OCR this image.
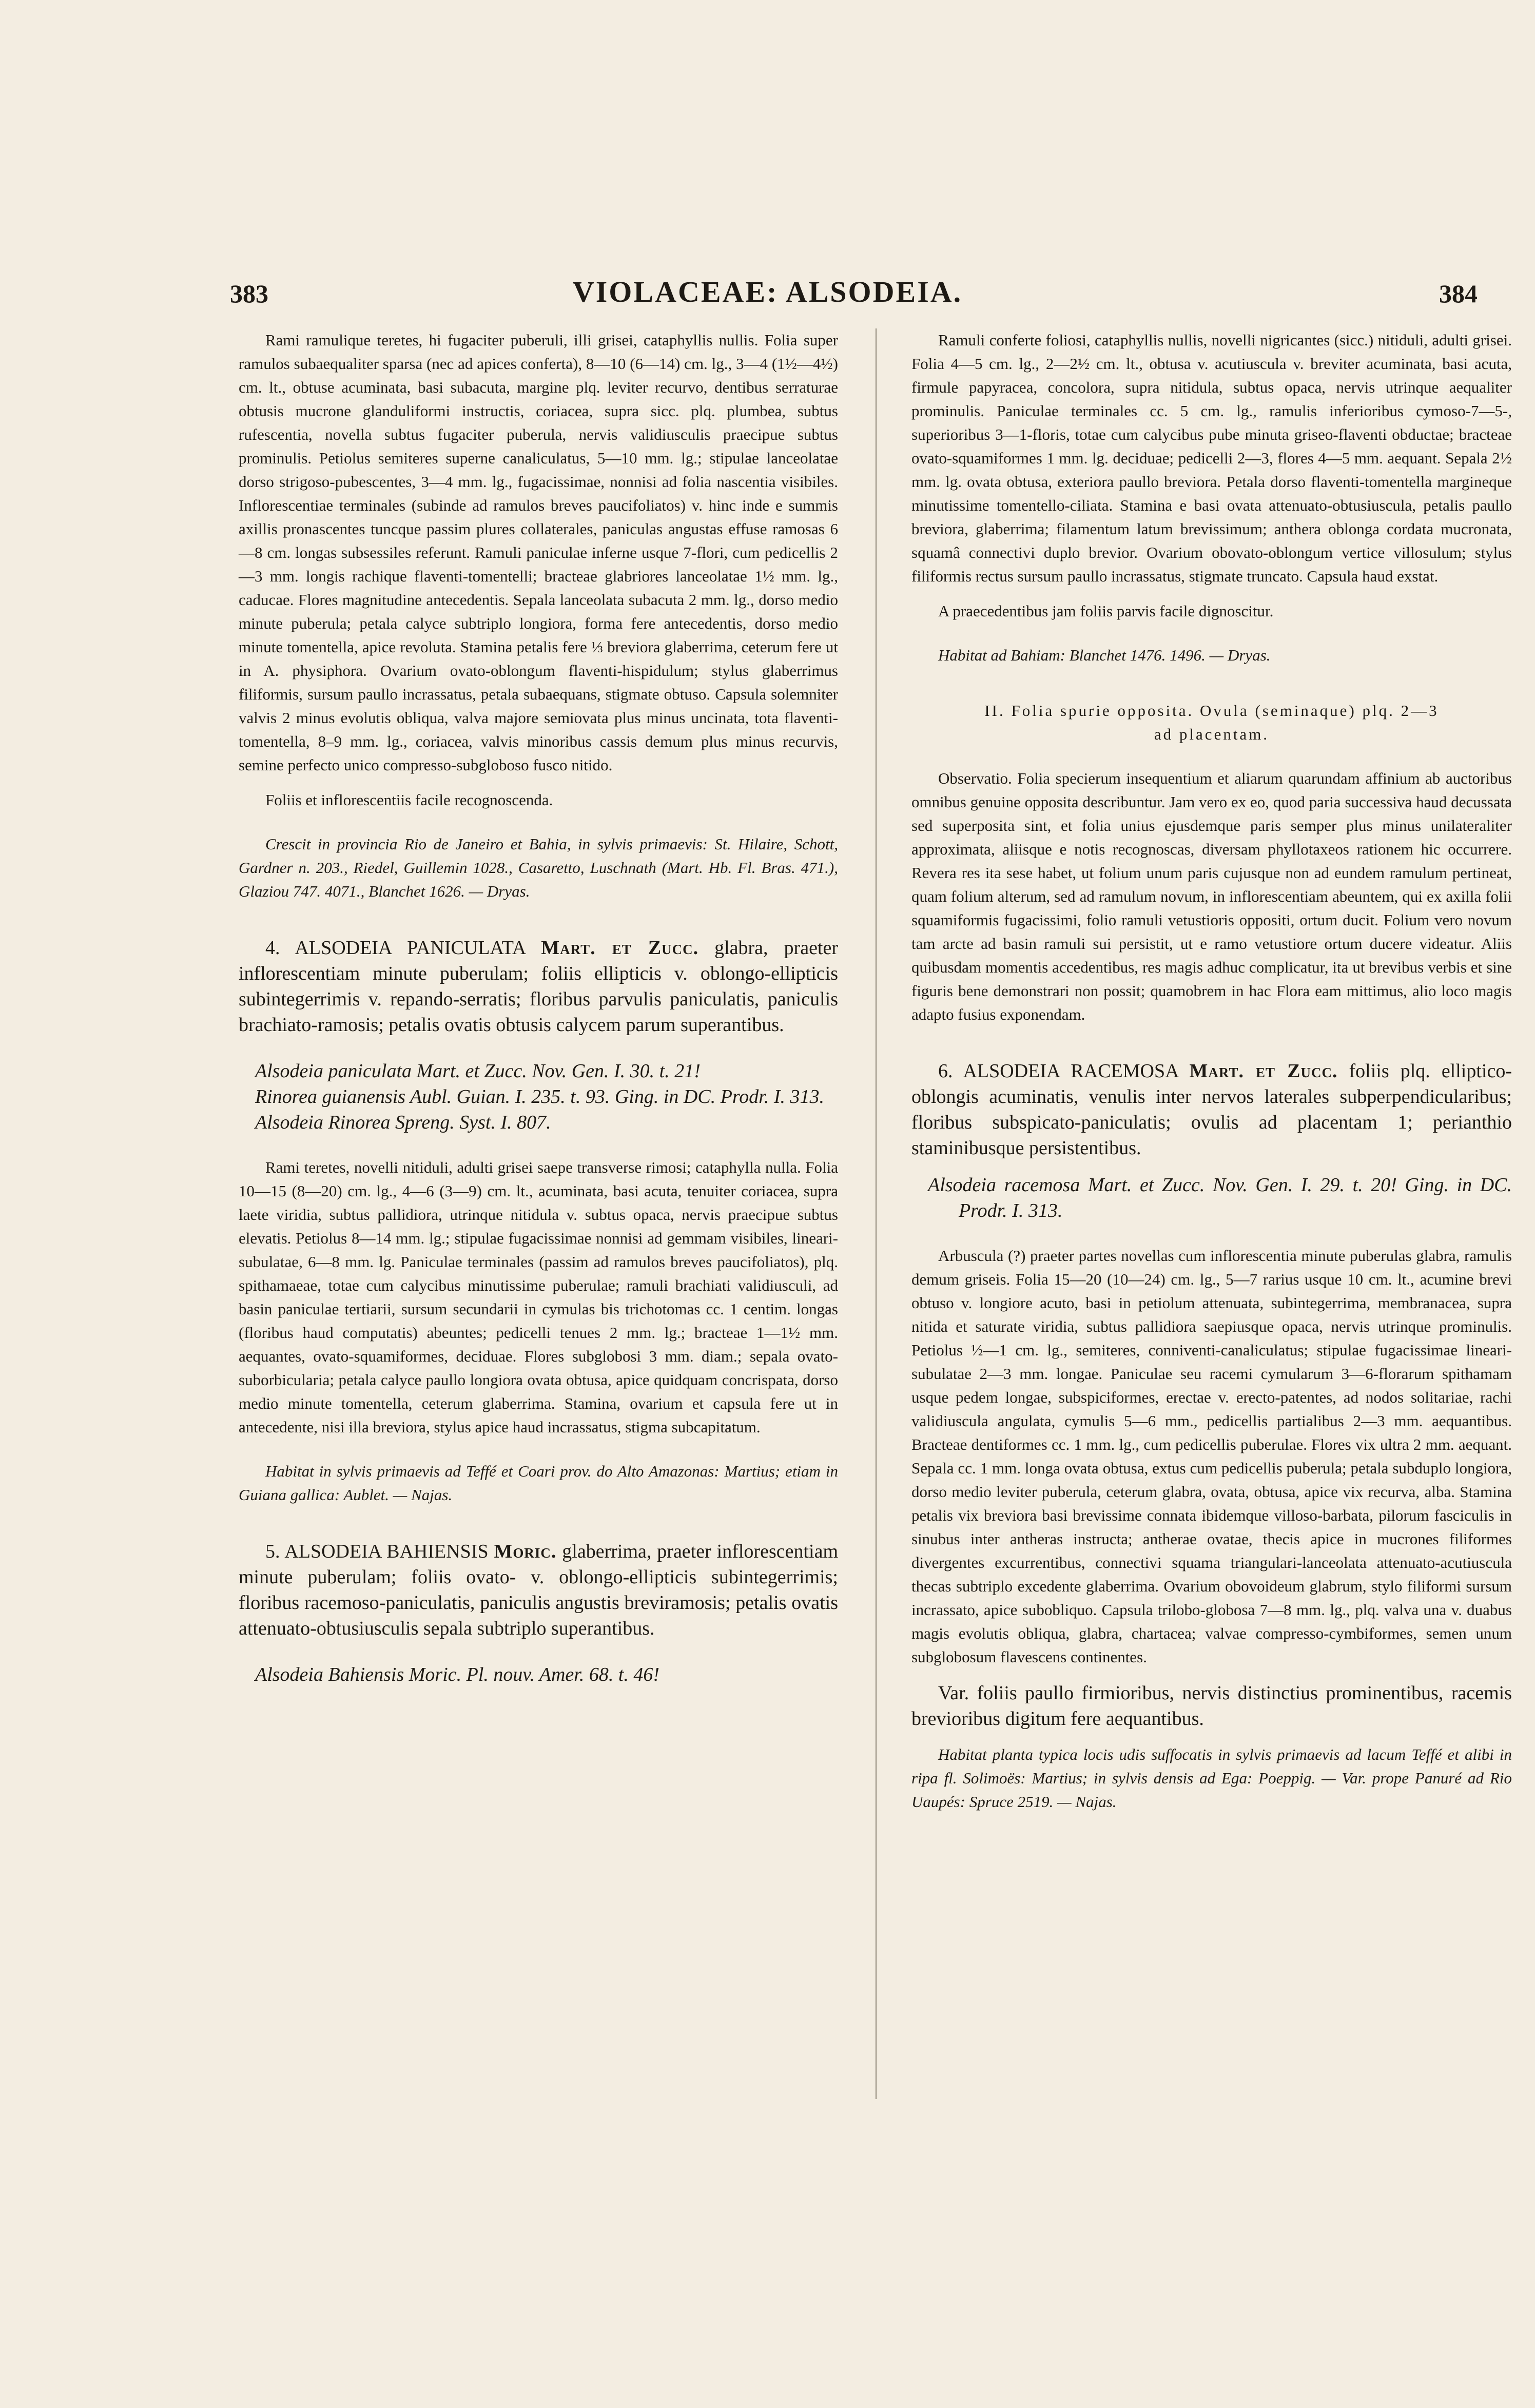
383	VIOLACEAE: ALSODEIA.	384

Rami ramulique teretes, hi fugaciter puberuli, illi grisei, cataphyllis nullis. Folia super ramulos subaequaliter sparsa (nec ad apices conferta), 8—10 (6—14) cm. lg., 3—4 (1½—4½) cm. lt., obtuse acuminata, basi subacuta, margine plq. leviter recurvo, dentibus serraturae obtusis mucrone glanduliformi instructis, coriacea, supra sicc. plq. plumbea, subtus rufescentia, novella subtus fugaciter puberula, nervis validiusculis praecipue subtus prominulis. Petiolus semiteres superne canaliculatus, 5—10 mm. lg.; stipulae lanceolatae dorso strigoso-pubescentes, 3—4 mm. lg., fugacissimae, nonnisi ad folia nascentia visibiles. Inflorescentiae terminales (subinde ad ramulos breves paucifoliatos) v. hinc inde e summis axillis pronascentes tuncque passim plures collaterales, paniculas angustas effuse ramosas 6—8 cm. longas subsessiles referunt. Ramuli paniculae inferne usque 7-flori, cum pedicellis 2—3 mm. longis rachique flaventi-tomentelli; bracteae glabriores lanceolatae 1½ mm. lg., caducae. Flores magnitudine antecedentis. Sepala lanceolata subacuta 2 mm. lg., dorso medio minute puberula; petala calyce subtriplo longiora, forma fere antecedentis, dorso medio minute tomentella, apice revoluta. Stamina petalis fere ⅓ breviora glaberrima, ceterum fere ut in A. physiphora. Ovarium ovato-oblongum flaventi-hispidulum; stylus glaberrimus filiformis, sursum paullo incrassatus, petala subaequans, stigmate obtuso. Capsula solemniter valvis 2 minus evolutis obliqua, valva majore semiovata plus minus uncinata, tota flaventi-tomentella, 8–9 mm. lg., coriacea, valvis minoribus cassis demum plus minus recurvis, semine perfecto unico compresso-subgloboso fusco nitido.

Foliis et inflorescentiis facile recognoscenda.

Crescit in provincia Rio de Janeiro et Bahia, in sylvis primaevis: St. Hilaire, Schott, Gardner n. 203., Riedel, Guillemin 1028., Casaretto, Luschnath (Mart. Hb. Fl. Bras. 471.), Glaziou 747. 4071., Blanchet 1626. — Dryas.

4. ALSODEIA PANICULATA Mart. et Zucc. glabra, praeter inflorescentiam minute puberulam; foliis ellipticis v. oblongo-ellipticis subintegerrimis v. repando-serratis; floribus parvulis paniculatis, paniculis brachiato-ramosis; petalis ovatis obtusis calycem parum superantibus.

Alsodeia paniculata Mart. et Zucc. Nov. Gen. I. 30. t. 21!

Rinorea guianensis Aubl. Guian. I. 235. t. 93. Ging. in DC. Prodr. I. 313.

Alsodeia Rinorea Spreng. Syst. I. 807.

Rami teretes, novelli nitiduli, adulti grisei saepe transverse rimosi; cataphylla nulla. Folia 10—15 (8—20) cm. lg., 4—6 (3—9) cm. lt., acuminata, basi acuta, tenuiter coriacea, supra laete viridia, subtus pallidiora, utrinque nitidula v. subtus opaca, nervis praecipue subtus elevatis. Petiolus 8—14 mm. lg.; stipulae fugacissimae nonnisi ad gemmam visibiles, lineari-subulatae, 6—8 mm. lg. Paniculae terminales (passim ad ramulos breves paucifoliatos), plq. spithamaeae, totae cum calycibus minutissime puberulae; ramuli brachiati validiusculi, ad basin paniculae tertiarii, sursum secundarii in cymulas bis trichotomas cc. 1 centim. longas (floribus haud computatis) abeuntes; pedicelli tenues 2 mm. lg.; bracteae 1—1½ mm. aequantes, ovato-squamiformes, deciduae. Flores subglobosi 3 mm. diam.; sepala ovato-suborbicularia; petala calyce paullo longiora ovata obtusa, apice quidquam concrispata, dorso medio minute tomentella, ceterum glaberrima. Stamina, ovarium et capsula fere ut in antecedente, nisi illa breviora, stylus apice haud incrassatus, stigma subcapitatum.

Habitat in sylvis primaevis ad Teffé et Coari prov. do Alto Amazonas: Martius; etiam in Guiana gallica: Aublet. — Najas.

5. ALSODEIA BAHIENSIS Moric. glaberrima, praeter inflorescentiam minute puberulam; foliis ovato- v. oblongo-ellipticis subintegerrimis; floribus racemoso-paniculatis, paniculis angustis breviramosis; petalis ovatis attenuato-obtusiusculis sepala subtriplo superantibus.

Alsodeia Bahiensis Moric. Pl. nouv. Amer. 68. t. 46!

Ramuli conferte foliosi, cataphyllis nullis, novelli nigricantes (sicc.) nitiduli, adulti grisei. Folia 4—5 cm. lg., 2—2½ cm. lt., obtusa v. acutiuscula v. breviter acuminata, basi acuta, firmule papyracea, concolora, supra nitidula, subtus opaca, nervis utrinque aequaliter prominulis. Paniculae terminales cc. 5 cm. lg., ramulis inferioribus cymoso-7—5-, superioribus 3—1-floris, totae cum calycibus pube minuta griseo-flaventi obductae; bracteae ovato-squamiformes 1 mm. lg. deciduae; pedicelli 2—3, flores 4—5 mm. aequant. Sepala 2½ mm. lg. ovata obtusa, exteriora paullo breviora. Petala dorso flaventi-tomentella margineque minutissime tomentello-ciliata. Stamina e basi ovata attenuato-obtusiuscula, petalis paullo breviora, glaberrima; filamentum latum brevissimum; anthera oblonga cordata mucronata, squamâ connectivi duplo brevior. Ovarium obovato-oblongum vertice villosulum; stylus filiformis rectus sursum paullo incrassatus, stigmate truncato. Capsula haud exstat.

A praecedentibus jam foliis parvis facile dignoscitur.

Habitat ad Bahiam: Blanchet 1476. 1496. — Dryas.

II. Folia spurie opposita. Ovula (seminaque) plq. 2—3

ad placentam.

Observatio. Folia specierum insequentium et aliarum quarundam affinium ab auctoribus omnibus genuine opposita describuntur. Jam vero ex eo, quod paria successiva haud decussata sed superposita sint, et folia unius ejusdemque paris semper plus minus unilateraliter approximata, aliisque e notis recognoscas, diversam phyllotaxeos rationem hic occurrere. Revera res ita sese habet, ut folium unum paris cujusque non ad eundem ramulum pertineat, quam folium alterum, sed ad ramulum novum, in inflorescentiam abeuntem, qui ex axilla folii squamiformis fugacissimi, folio ramuli vetustioris oppositi, ortum ducit. Folium vero novum tam arcte ad basin ramuli sui persistit, ut e ramo vetustiore ortum ducere videatur. Aliis quibusdam momentis accedentibus, res magis adhuc complicatur, ita ut brevibus verbis et sine figuris bene demonstrari non possit; quamobrem in hac Flora eam mittimus, alio loco magis adapto fusius exponendam.

6. ALSODEIA RACEMOSA Mart. et Zucc. foliis plq. elliptico-oblongis acuminatis, venulis inter nervos laterales subperpendicularibus; floribus subspicato-paniculatis; ovulis ad placentam 1; perianthio staminibusque persistentibus.

Alsodeia racemosa Mart. et Zucc. Nov. Gen. I. 29. t. 20! Ging. in DC. Prodr. I. 313.

Arbuscula (?) praeter partes novellas cum inflorescentia minute puberulas glabra, ramulis demum griseis. Folia 15—20 (10—24) cm. lg., 5—7 rarius usque 10 cm. lt., acumine brevi obtuso v. longiore acuto, basi in petiolum attenuata, subintegerrima, membranacea, supra nitida et saturate viridia, subtus pallidiora saepiusque opaca, nervis utrinque prominulis. Petiolus ½—1 cm. lg., semiteres, conniventi-canaliculatus; stipulae fugacissimae lineari-subulatae 2—3 mm. longae. Paniculae seu racemi cymularum 3—6-florarum spithamam usque pedem longae, subspiciformes, erectae v. erecto-patentes, ad nodos solitariae, rachi validiuscula angulata, cymulis 5—6 mm., pedicellis partialibus 2—3 mm. aequantibus. Bracteae dentiformes cc. 1 mm. lg., cum pedicellis puberulae. Flores vix ultra 2 mm. aequant. Sepala cc. 1 mm. longa ovata obtusa, extus cum pedicellis puberula; petala subduplo longiora, dorso medio leviter puberula, ceterum glabra, ovata, obtusa, apice vix recurva, alba. Stamina petalis vix breviora basi brevissime connata ibidemque villoso-barbata, pilorum fasciculis in sinubus inter antheras instructa; antherae ovatae, thecis apice in mucrones filiformes divergentes excurrentibus, connectivi squama triangulari-lanceolata attenuato-acutiuscula thecas subtriplo excedente glaberrima. Ovarium obovoideum glabrum, stylo filiformi sursum incrassato, apice subobliquo. Capsula trilobo-globosa 7—8 mm. lg., plq. valva una v. duabus magis evolutis obliqua, glabra, chartacea; valvae compresso-cymbiformes, semen unum subglobosum flavescens continentes.

Var. foliis paullo firmioribus, nervis distinctius prominentibus, racemis brevioribus digitum fere aequantibus.

Habitat planta typica locis udis suffocatis in sylvis primaevis ad lacum Teffé et alibi in ripa fl. Solimoës: Martius; in sylvis densis ad Ega: Poeppig. — Var. prope Panuré ad Rio Uaupés: Spruce 2519. — Najas.
